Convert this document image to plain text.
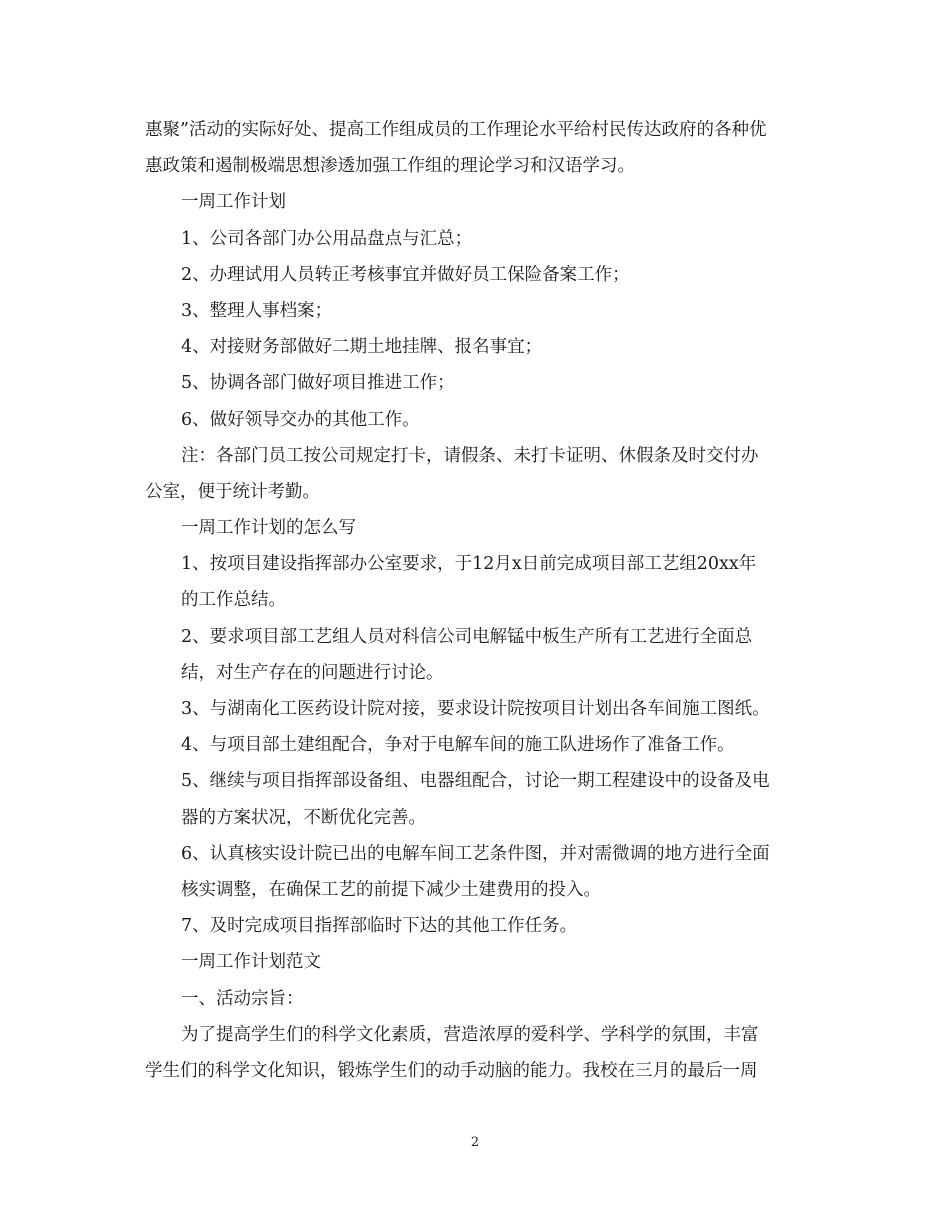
惠聚”活动的实际好处、提高工作组成员的工作理论水平给村民传达政府的各种优
惠政策和遏制极端思想渗透加强工作组的理论学习和汉语学习。
一周工作计划
1、公司各部门办公用品盘点与汇总；
2、办理试用人员转正考核事宜并做好员工保险备案工作；
3、整理人事档案；
4、对接财务部做好二期土地挂牌、报名事宜；
5、协调各部门做好项目推进工作；
6、做好领导交办的其他工作。
注：各部门员工按公司规定打卡，请假条、未打卡证明、休假条及时交付办
公室，便于统计考勤。
一周工作计划的怎么写
1、按项目建设指挥部办公室要求，于12月x日前完成项目部工艺组20xx年
的工作总结。
2、要求项目部工艺组人员对科信公司电解锰中板生产所有工艺进行全面总
结，对生产存在的问题进行讨论。
3、与湖南化工医药设计院对接，要求设计院按项目计划出各车间施工图纸。
4、与项目部土建组配合，争对于电解车间的施工队进场作了准备工作。
5、继续与项目指挥部设备组、电器组配合，讨论一期工程建设中的设备及电
器的方案状况，不断优化完善。
6、认真核实设计院已出的电解车间工艺条件图，并对需微调的地方进行全面
核实调整，在确保工艺的前提下减少土建费用的投入。
7、及时完成项目指挥部临时下达的其他工作任务。
一周工作计划范文
一、活动宗旨：
为了提高学生们的科学文化素质，营造浓厚的爱科学、学科学的氛围，丰富
学生们的科学文化知识，锻炼学生们的动手动脑的能力。我校在三月的最后一周
2
